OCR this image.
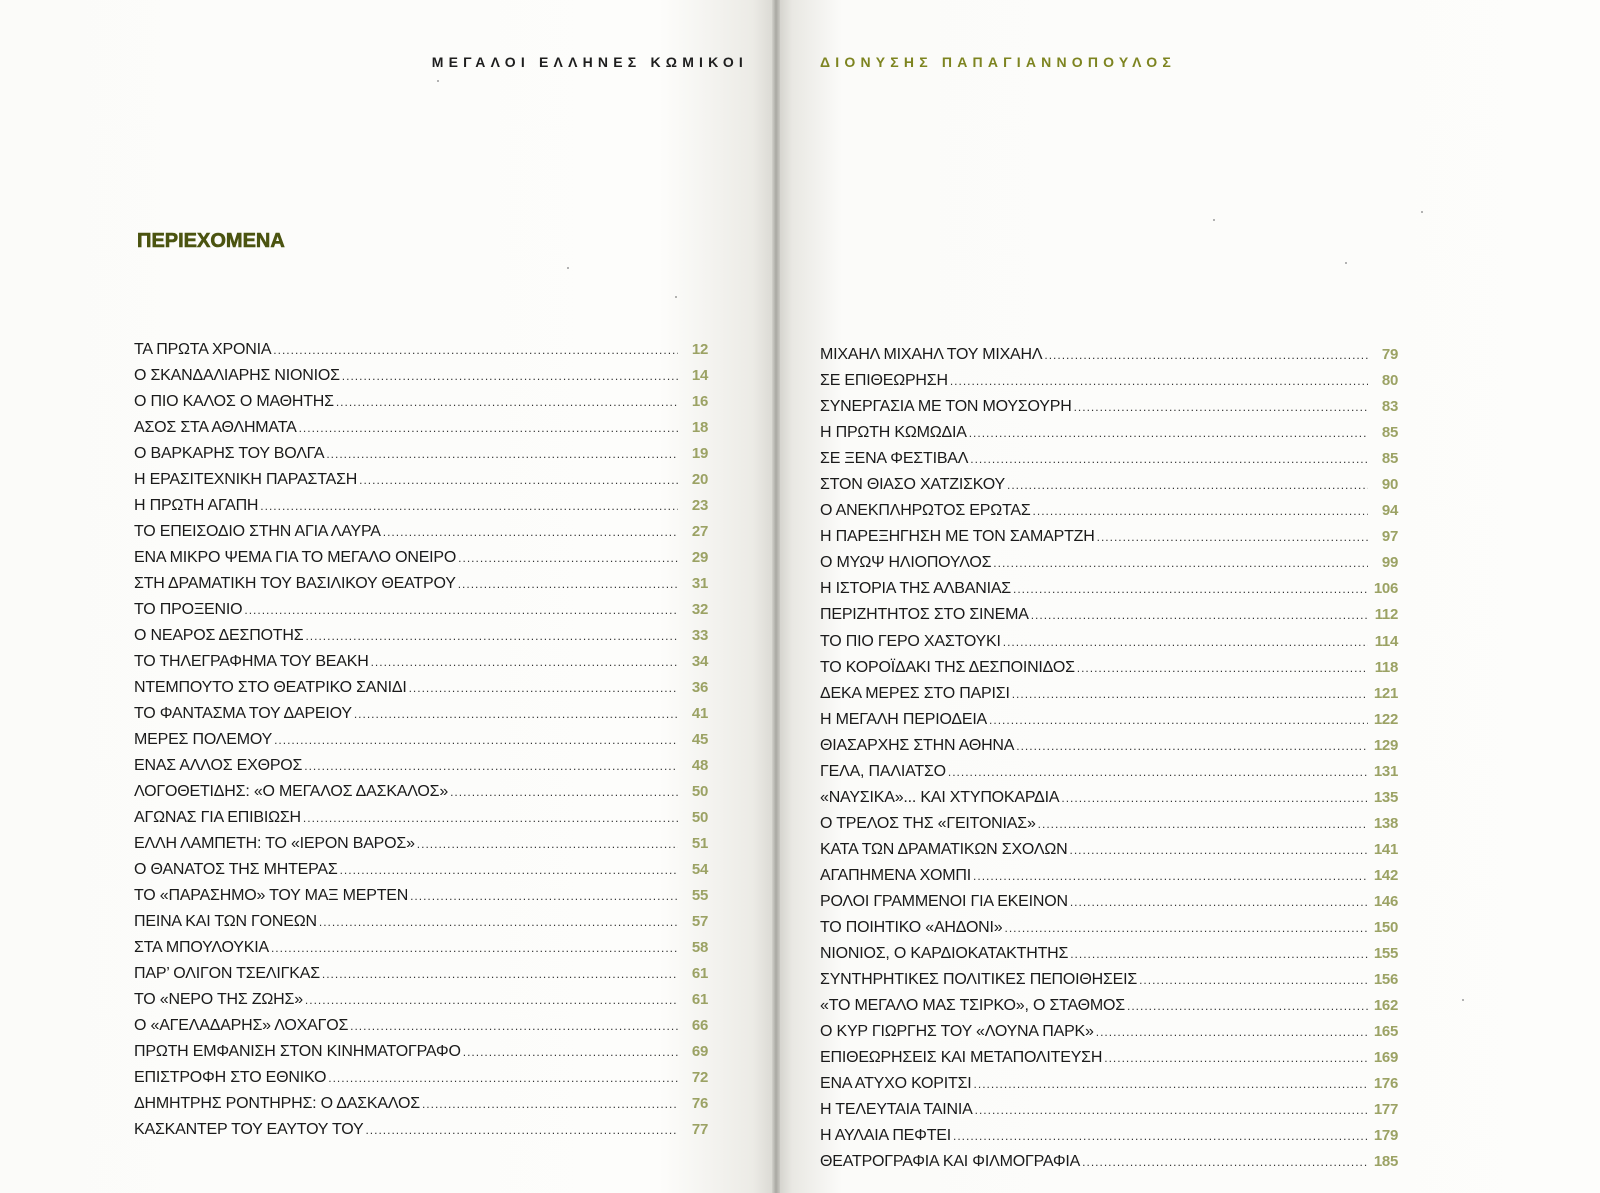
ΜΕΓΑΛΟΙ ΕΛΛΗΝΕΣ ΚΩΜΙΚΟΙ
ΠΕΡΙΕΧΟΜΕΝΑ
ΤΑ ΠΡΩΤΑ ΧΡΟΝΙΑ .....	12
Ο ΣΚΑΝΔΑΛΙΑΡΗΣ ΝΙΟΝΙΟΣ .....	14
Ο ΠΙΟ ΚΑΛΟΣ Ο ΜΑΘΗΤΗΣ .....	16
ΑΣΟΣ ΣΤΑ ΑΘΛΗΜΑΤΑ .....	18
Ο ΒΑΡΚΑΡΗΣ ΤΟΥ ΒΟΛΓΑ .....	19
Η ΕΡΑΣΙΤΕΧΝΙΚΗ ΠΑΡΑΣΤΑΣΗ .....	20
Η ΠΡΩΤΗ ΑΓΑΠΗ .....	23
ΤΟ ΕΠΕΙΣΟΔΙΟ ΣΤΗΝ ΑΓΙΑ ΛΑΥΡΑ .....	27
ΕΝΑ ΜΙΚΡΟ ΨΕΜΑ ΓΙΑ ΤΟ ΜΕΓΑΛΟ ΟΝΕΙΡΟ .....	29
ΣΤΗ ΔΡΑΜΑΤΙΚΗ ΤΟΥ ΒΑΣΙΛΙΚΟΥ ΘΕΑΤΡΟΥ .....	31
ΤΟ ΠΡΟΞΕΝΙΟ .....	32
Ο ΝΕΑΡΟΣ ΔΕΣΠΟΤΗΣ .....	33
ΤΟ ΤΗΛΕΓΡΑΦΗΜΑ ΤΟΥ ΒΕΑΚΗ .....	34
ΝΤΕΜΠΟΥΤΟ ΣΤΟ ΘΕΑΤΡΙΚΟ ΣΑΝΙΔΙ .....	36
ΤΟ ΦΑΝΤΑΣΜΑ ΤΟΥ ΔΑΡΕΙΟΥ .....	41
ΜΕΡΕΣ ΠΟΛΕΜΟΥ .....	45
ΕΝΑΣ ΑΛΛΟΣ ΕΧΘΡΟΣ .....	48
ΛΟΓΟΘΕΤΙΔΗΣ: «Ο ΜΕΓΑΛΟΣ ΔΑΣΚΑΛΟΣ» .....	50
ΑΓΩΝΑΣ ΓΙΑ ΕΠΙΒΙΩΣΗ .....	50
ΕΛΛΗ ΛΑΜΠΕΤΗ: ΤΟ «ΙΕΡΟΝ ΒΑΡΟΣ» .....	51
Ο ΘΑΝΑΤΟΣ ΤΗΣ ΜΗΤΕΡΑΣ .....	54
ΤΟ «ΠΑΡΑΣΗΜΟ» ΤΟΥ ΜΑΞ ΜΕΡΤΕΝ .....	55
ΠΕΙΝΑ ΚΑΙ ΤΩΝ ΓΟΝΕΩΝ .....	57
ΣΤΑ ΜΠΟΥΛΟΥΚΙΑ .....	58
ΠΑΡ’ ΟΛΙΓΟΝ ΤΣΕΛΙΓΚΑΣ .....	61
ΤΟ «ΝΕΡΟ ΤΗΣ ΖΩΗΣ» .....	61
Ο «ΑΓΕΛΑΔΑΡΗΣ» ΛΟΧΑΓΟΣ .....	66
ΠΡΩΤΗ ΕΜΦΑΝΙΣΗ ΣΤΟΝ ΚΙΝΗΜΑΤΟΓΡΑΦΟ .....	69
ΕΠΙΣΤΡΟΦΗ ΣΤΟ ΕΘΝΙΚΟ .....	72
ΔΗΜΗΤΡΗΣ ΡΟΝΤΗΡΗΣ: Ο ΔΑΣΚΑΛΟΣ .....	76
ΚΑΣΚΑΝΤΕΡ ΤΟΥ ΕΑΥΤΟΥ ΤΟΥ .....	77
ΔΙΟΝΥΣΗΣ ΠΑΠΑΓΙΑΝΝΟΠΟΥΛΟΣ
ΜΙΧΑΗΛ ΜΙΧΑΗΛ ΤΟΥ ΜΙΧΑΗΛ .....	79
ΣΕ ΕΠΙΘΕΩΡΗΣΗ .....	80
ΣΥΝΕΡΓΑΣΙΑ ΜΕ ΤΟΝ ΜΟΥΣΟΥΡΗ .....	83
Η ΠΡΩΤΗ ΚΩΜΩΔΙΑ .....	85
ΣΕ ΞΕΝΑ ΦΕΣΤΙΒΑΛ .....	85
ΣΤΟΝ ΘΙΑΣΟ ΧΑΤΖΙΣΚΟΥ .....	90
Ο ΑΝΕΚΠΛΗΡΩΤΟΣ ΕΡΩΤΑΣ .....	94
Η ΠΑΡΕΞΗΓΗΣΗ ΜΕ ΤΟΝ ΣΑΜΑΡΤΖΗ .....	97
Ο ΜΥΩΨ ΗΛΙΟΠΟΥΛΟΣ .....	99
Η ΙΣΤΟΡΙΑ ΤΗΣ ΑΛΒΑΝΙΑΣ .....	106
ΠΕΡΙΖΗΤΗΤΟΣ ΣΤΟ ΣΙΝΕΜΑ .....	112
ΤΟ ΠΙΟ ΓΕΡΟ ΧΑΣΤΟΥΚΙ .....	114
ΤΟ ΚΟΡΟΪΔΑΚΙ ΤΗΣ ΔΕΣΠΟΙΝΙΔΟΣ .....	118
ΔΕΚΑ ΜΕΡΕΣ ΣΤΟ ΠΑΡΙΣΙ .....	121
Η ΜΕΓΑΛΗ ΠΕΡΙΟΔΕΙΑ .....	122
ΘΙΑΣΑΡΧΗΣ ΣΤΗΝ ΑΘΗΝΑ .....	129
ΓΕΛΑ, ΠΑΛΙΑΤΣΟ .....	131
«ΝΑΥΣΙΚΑ»... ΚΑΙ ΧΤΥΠΟΚΑΡΔΙΑ .....	135
Ο ΤΡΕΛΟΣ ΤΗΣ «ΓΕΙΤΟΝΙΑΣ» .....	138
ΚΑΤΑ ΤΩΝ ΔΡΑΜΑΤΙΚΩΝ ΣΧΟΛΩΝ .....	141
ΑΓΑΠΗΜΕΝΑ ΧΟΜΠΙ .....	142
ΡΟΛΟΙ ΓΡΑΜΜΕΝΟΙ ΓΙΑ ΕΚΕΙΝΟΝ .....	146
ΤΟ ΠΟΙΗΤΙΚΟ «ΑΗΔΟΝΙ» .....	150
ΝΙΟΝΙΟΣ, Ο ΚΑΡΔΙΟΚΑΤΑΚΤΗΤΗΣ .....	155
ΣΥΝΤΗΡΗΤΙΚΕΣ ΠΟΛΙΤΙΚΕΣ ΠΕΠΟΙΘΗΣΕΙΣ .....	156
«ΤΟ ΜΕΓΑΛΟ ΜΑΣ ΤΣΙΡΚΟ», Ο ΣΤΑΘΜΟΣ .....	162
Ο ΚΥΡ ΓΙΩΡΓΗΣ ΤΟΥ «ΛΟΥΝΑ ΠΑΡΚ» .....	165
ΕΠΙΘΕΩΡΗΣΕΙΣ ΚΑΙ ΜΕΤΑΠΟΛΙΤΕΥΣΗ .....	169
ΕΝΑ ΑΤΥΧΟ ΚΟΡΙΤΣΙ .....	176
Η ΤΕΛΕΥΤΑΙΑ ΤΑΙΝΙΑ .....	177
Η ΑΥΛΑΙΑ ΠΕΦΤΕΙ .....	179
ΘΕΑΤΡΟΓΡΑΦΙΑ ΚΑΙ ΦΙΛΜΟΓΡΑΦΙΑ .....	185
